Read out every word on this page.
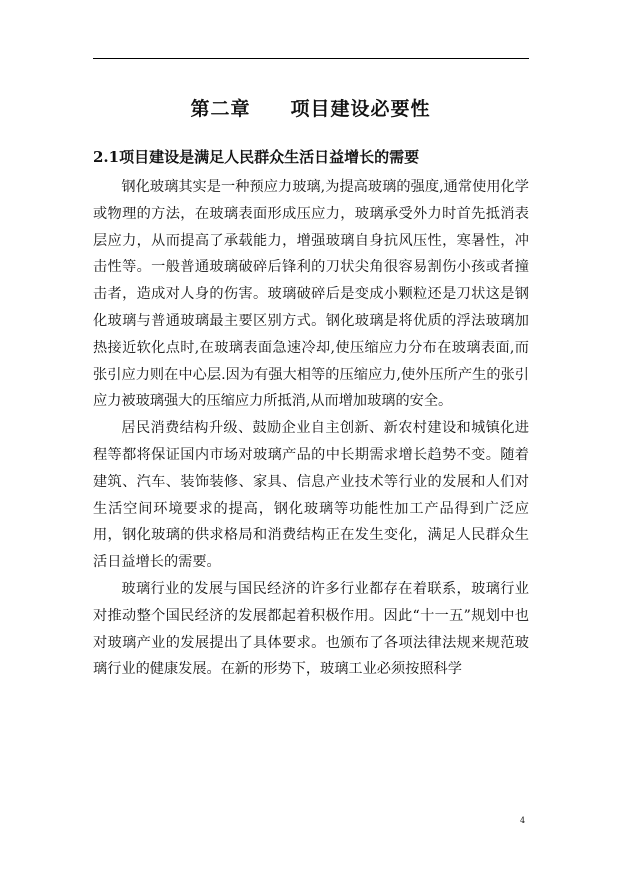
第二章　　项目建设必要性
2.1项目建设是满足人民群众生活日益增长的需要

钢化玻璃其实是一种预应力玻璃,为提高玻璃的强度,通常使用化学或物理的方法，在玻璃表面形成压应力，玻璃承受外力时首先抵消表层应力，从而提高了承载能力，增强玻璃自身抗风压性，寒暑性，冲击性等。一般普通玻璃破碎后锋利的刀状尖角很容易割伤小孩或者撞击者，造成对人身的伤害。玻璃破碎后是变成小颗粒还是刀状这是钢化玻璃与普通玻璃最主要区别方式。钢化玻璃是将优质的浮法玻璃加热接近软化点时,在玻璃表面急速冷却,使压缩应力分布在玻璃表面,而张引应力则在中心层.因为有强大相等的压缩应力,使外压所产生的张引应力被玻璃强大的压缩应力所抵消,从而增加玻璃的安全。

居民消费结构升级、鼓励企业自主创新、新农村建设和城镇化进程等都将保证国内市场对玻璃产品的中长期需求增长趋势不变。随着建筑、汽车、装饰装修、家具、信息产业技术等行业的发展和人们对生活空间环境要求的提高，钢化玻璃等功能性加工产品得到广泛应用，钢化玻璃的供求格局和消费结构正在发生变化，满足人民群众生活日益增长的需要。

玻璃行业的发展与国民经济的许多行业都存在着联系，玻璃行业对推动整个国民经济的发展都起着积极作用。因此“十一五”规划中也对玻璃产业的发展提出了具体要求。也颁布了各项法律法规来规范玻璃行业的健康发展。在新的形势下，玻璃工业必须按照科学

4
